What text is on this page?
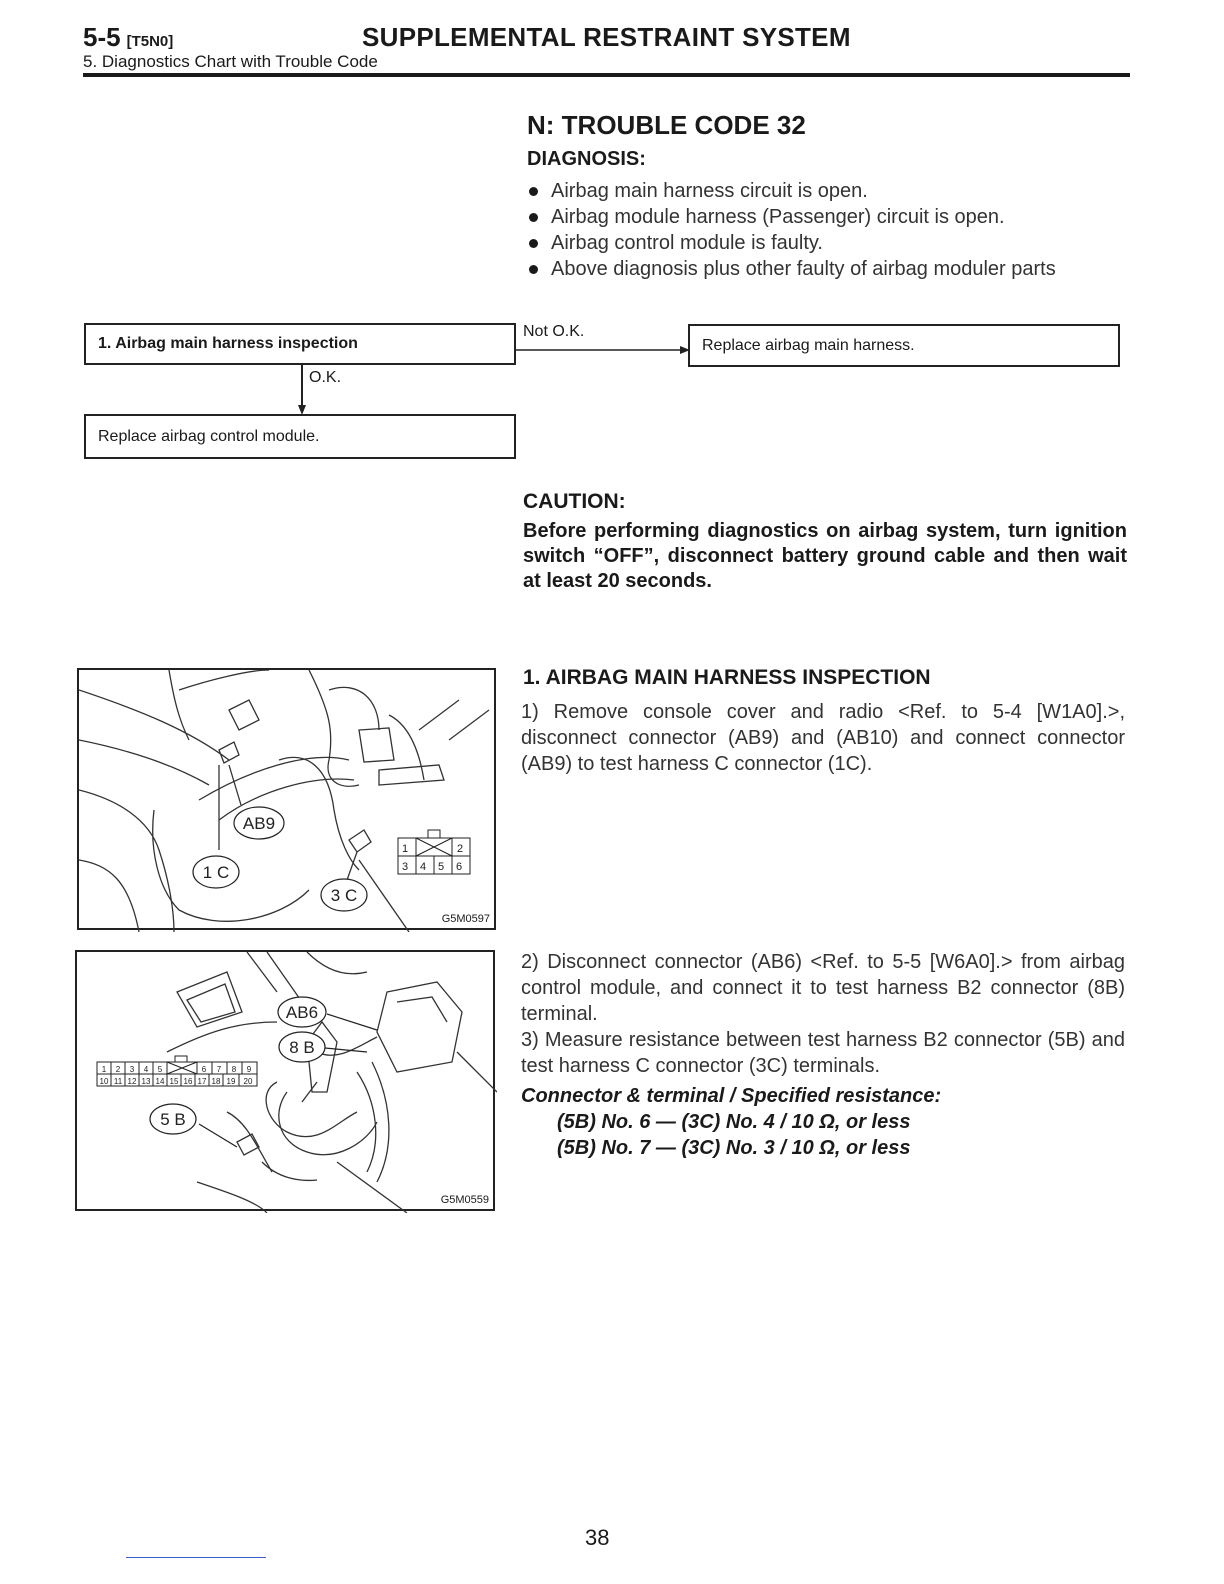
5-5 [T5N0]	SUPPLEMENTAL RESTRAINT SYSTEM
5. Diagnostics Chart with Trouble Code
N: TROUBLE CODE 32
DIAGNOSIS:
Airbag main harness circuit is open.
Airbag module harness (Passenger) circuit is open.
Airbag control module is faulty.
Above diagnosis plus other faulty of airbag moduler parts
1. Airbag main harness inspection
Not O.K.
Replace airbag main harness.
O.K.
Replace airbag control module.
CAUTION:
Before performing diagnostics on airbag system, turn ignition switch “OFF”, disconnect battery ground cable and then wait at least 20 seconds.
1	2
3 4 5 6
AB9
1 C
3 C
G5M0597
1. AIRBAG MAIN HARNESS INSPECTION
1) Remove console cover and radio <Ref. to 5-4 [W1A0].>, disconnect connector (AB9) and (AB10) and connect connector (AB9) to test harness C connector (1C).
1 2 3 4 5	6 7 8 9
10 11 12 13 14 15 16 17 18 19 20
AB6
8 B
5 B
G5M0559
2) Disconnect connector (AB6) <Ref. to 5-5 [W6A0].> from airbag control module, and connect it to test harness B2 connector (8B) terminal.
3) Measure resistance between test harness B2 connector (5B) and test harness C connector (3C) terminals.
Connector & terminal / Specified resistance:
(5B) No. 6 — (3C) No. 4 / 10 Ω, or less
(5B) No. 7 — (3C) No. 3 / 10 Ω, or less
38
